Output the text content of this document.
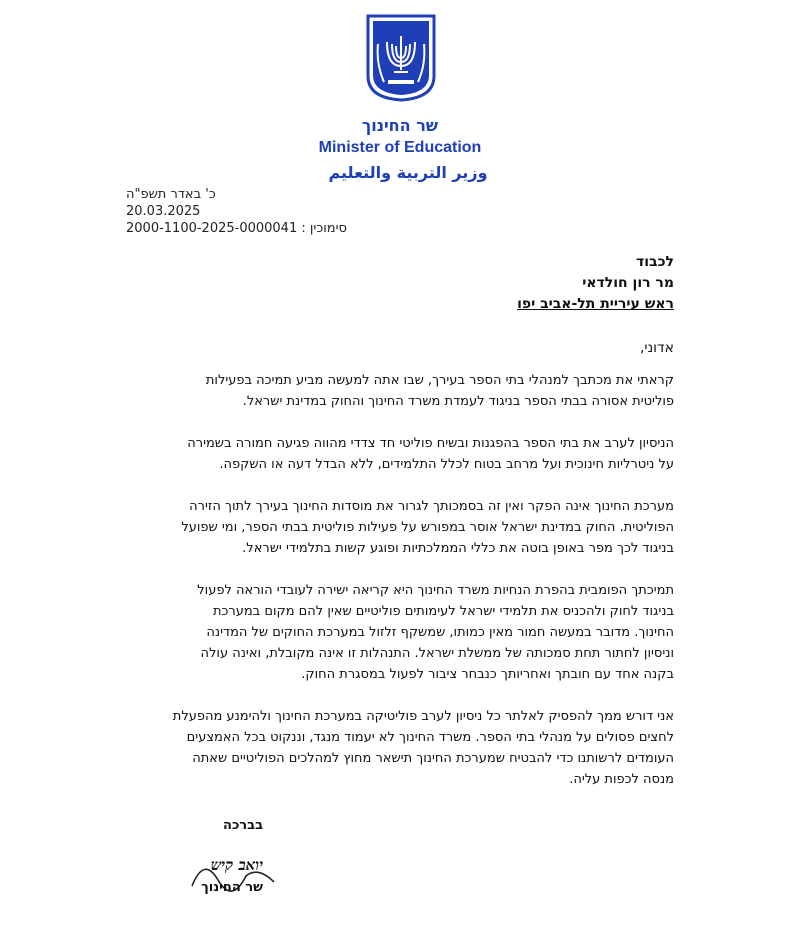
שר החינוך
Minister of Education
وزير التربية والتعليم
כ' באדר תשפ"ה
20.03.2025
סימוכין : 2000-1100-2025-0000041
לכבוד
מר רון חולדאי
ראש עיריית תל-אביב יפו
אדוני,
קראתי את מכתבך למנהלי בתי הספר בעירך, שבו אתה למעשה מביע תמיכה בפעילות
פוליטית אסורה בבתי הספר בניגוד לעמדת משרד החינוך והחוק במדינת ישראל.
הניסיון לערב את בתי הספר בהפגנות ובשיח פוליטי חד צדדי מהווה פגיעה חמורה בשמירה
על ניטרליות חינוכית ועל מרחב בטוח לכלל התלמידים, ללא הבדל דעה או השקפה.
מערכת החינוך אינה הפקר ואין זה בסמכותך לגרור את מוסדות החינוך בעירך לתוך הזירה
הפוליטית. החוק במדינת ישראל אוסר במפורש על פעילות פוליטית בבתי הספר, ומי שפועל
בניגוד לכך מפר באופן בוטה את כללי הממלכתיות ופוגע קשות בתלמידי ישראל.
תמיכתך הפומבית בהפרת הנחיות משרד החינוך היא קריאה ישירה לעובדי הוראה לפעול
בניגוד לחוק ולהכניס את תלמידי ישראל לעימותים פוליטיים שאין להם מקום במערכת
החינוך. מדובר במעשה חמור מאין כמותו, שמשקף זלזול במערכת החוקים של המדינה
וניסיון לחתור תחת סמכותה של ממשלת ישראל. התנהלות זו אינה מקובלת, ואינה עולה
בקנה אחד עם חובתך ואחריותך כנבחר ציבור לפעול במסגרת החוק.
אני דורש ממך להפסיק לאלתר כל ניסיון לערב פוליטיקה במערכת החינוך ולהימנע מהפעלת
לחצים פסולים על מנהלי בתי הספר. משרד החינוך לא יעמוד מנגד, וננקוט בכל האמצעים
העומדים לרשותנו כדי להבטיח שמערכת החינוך תישאר מחוץ למהלכים הפוליטיים שאתה
מנסה לכפות עליה.
בברכה
יואב קיש
שר החינוך
